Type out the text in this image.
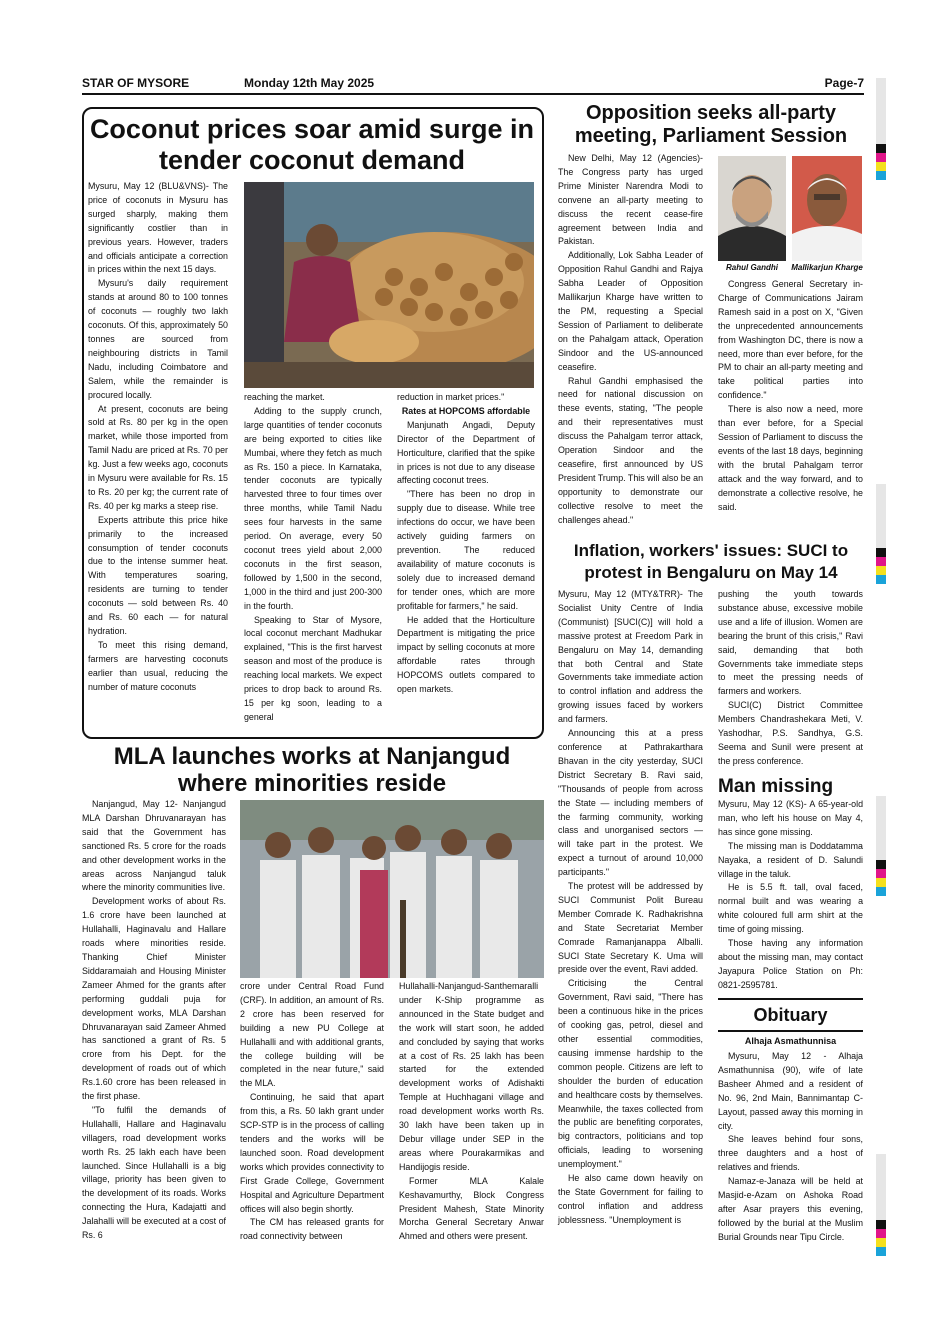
STAR OF MYSORE	Monday 12th May 2025	Page-7
Coconut prices soar amid surge in tender coconut demand

Mysuru, May 12 (BLU&VNS)- The price of coconuts in Mysuru has surged sharply, making them significantly costlier than in previous years. However, traders and officials anticipate a correction in prices within the next 15 days.

Mysuru's daily requirement stands at around 80 to 100 tonnes of coconuts — roughly two lakh coconuts. Of this, approximately 50 tonnes are sourced from neighbouring districts in Tamil Nadu, including Coimbatore and Salem, while the remainder is procured locally.

At present, coconuts are being sold at Rs. 80 per kg in the open market, while those imported from Tamil Nadu are priced at Rs. 70 per kg. Just a few weeks ago, coconuts in Mysuru were available for Rs. 15 to Rs. 20 per kg; the current rate of Rs. 40 per kg marks a steep rise.

Experts attribute this price hike primarily to the increased consumption of tender coconuts due to the intense summer heat. With temperatures soaring, residents are turning to tender coconuts — sold between Rs. 40 and Rs. 60 each — for natural hydration.

To meet this rising demand, farmers are harvesting coconuts earlier than usual, reducing the number of mature coconuts

reaching the market.

Adding to the supply crunch, large quantities of tender coconuts are being exported to cities like Mumbai, where they fetch as much as Rs. 150 a piece. In Karnataka, tender coconuts are typically harvested three to four times over three months, while Tamil Nadu sees four harvests in the same period. On average, every 50 coconut trees yield about 2,000 coconuts in the first season, followed by 1,500 in the second, 1,000 in the third and just 200-300 in the fourth.

Speaking to Star of Mysore, local coconut merchant Madhukar explained, "This is the first harvest season and most of the produce is reaching local markets. We expect prices to drop back to around Rs. 15 per kg soon, leading to a general

reduction in market prices."

Rates at HOPCOMS affordable

Manjunath Angadi, Deputy Director of the Department of Horticulture, clarified that the spike in prices is not due to any disease affecting coconut trees.

"There has been no drop in supply due to disease. While tree infections do occur, we have been actively guiding farmers on prevention. The reduced availability of mature coconuts is solely due to increased demand for tender ones, which are more profitable for farmers," he said.

He added that the Horticulture Department is mitigating the price impact by selling coconuts at more affordable rates through HOPCOMS outlets compared to open markets.

MLA launches works at Nanjangud where minorities reside

Nanjangud, May 12- Nanjangud MLA Darshan Dhruvanarayan has said that the Government has sanctioned Rs. 5 crore for the roads and other development works in the areas across Nanjangud taluk where the minority communities live.

Development works of about Rs. 1.6 crore have been launched at Hullahalli, Haginavalu and Hallare roads where minorities reside. Thanking Chief Minister Siddaramaiah and Housing Minister Zameer Ahmed for the grants after performing guddali puja for development works, MLA Darshan Dhruvanarayan said Zameer Ahmed has sanctioned a grant of Rs. 5 crore from his Dept. for the development of roads out of which Rs.1.60 crore has been released in the first phase.

"To fulfil the demands of Hullahalli, Hallare and Haginavalu villagers, road development works worth Rs. 25 lakh each have been launched. Since Hullahalli is a big village, priority has been given to the development of its roads. Works connecting the Hura, Kadajatti and Jalahalli will be executed at a cost of Rs. 6

crore under Central Road Fund (CRF). In addition, an amount of Rs. 2 crore has been reserved for building a new PU College at Hullahalli and with additional grants, the college building will be completed in the near future," said the MLA.

Continuing, he said that apart from this, a Rs. 50 lakh grant under SCP-STP is in the process of calling tenders and the works will be launched soon. Road development works which provides connectivity to First Grade College, Government Hospital and Agriculture Department offices will also begin shortly.

The CM has released grants for road connectivity between

Hullahalli-Nanjangud-Santhemaralli under K-Ship programme as announced in the State budget and the work will start soon, he added and concluded by saying that works at a cost of Rs. 25 lakh has been started for the extended development works of Adishakti Temple at Huchhagani village and road development works worth Rs. 30 lakh have been taken up in Debur village under SEP in the areas where Pourakarmikas and Handijogis reside.

Former MLA Kalale Keshavamurthy, Block Congress President Mahesh, State Minority Morcha General Secretary Anwar Ahmed and others were present.

Opposition seeks all-party meeting, Parliament Session

New Delhi, May 12 (Agencies)- The Congress party has urged Prime Minister Narendra Modi to convene an all-party meeting to discuss the recent cease-fire agreement between India and Pakistan.

Additionally, Lok Sabha Leader of Opposition Rahul Gandhi and Rajya Sabha Leader of Opposition Mallikarjun Kharge have written to the PM, requesting a Special Session of Parliament to deliberate on the Pahalgam attack, Operation Sindoor and the US-announced ceasefire.

Rahul Gandhi emphasised the need for national discussion on these events, stating, "The people and their representatives must discuss the Pahalgam terror attack, Operation Sindoor and the ceasefire, first announced by US President Trump. This will also be an opportunity to demonstrate our collective resolve to meet the challenges ahead."

Rahul Gandhi	Mallikarjun Kharge

Congress General Secretary in-Charge of Communications Jairam Ramesh said in a post on X, "Given the unprecedented announcements from Washington DC, there is now a need, more than ever before, for the PM to chair an all-party meeting and take political parties into confidence."

There is also now a need, more than ever before, for a Special Session of Parliament to discuss the events of the last 18 days, beginning with the brutal Pahalgam terror attack and the way forward, and to demonstrate a collective resolve, he said.

Inflation, workers' issues: SUCI to protest in Bengaluru on May 14

Mysuru, May 12 (MTY&TRR)- The Socialist Unity Centre of India (Communist) [SUCI(C)] will hold a massive protest at Freedom Park in Bengaluru on May 14, demanding that both Central and State Governments take immediate action to control inflation and address the growing issues faced by workers and farmers.

Announcing this at a press conference at Pathrakarthara Bhavan in the city yesterday, SUCI District Secretary B. Ravi said, "Thousands of people from across the State — including members of the farming community, working class and unorganised sectors — will take part in the protest. We expect a turnout of around 10,000 participants."

The protest will be addressed by SUCI Communist Polit Bureau Member Comrade K. Radhakrishna and State Secretariat Member Comrade Ramanjanappa Alballi. SUCI State Secretary K. Uma will preside over the event, Ravi added.

Criticising the Central Government, Ravi said, "There has been a continuous hike in the prices of cooking gas, petrol, diesel and other essential commodities, causing immense hardship to the common people. Citizens are left to shoulder the burden of education and healthcare costs by themselves. Meanwhile, the taxes collected from the public are benefiting corporates, big contractors, politicians and top officials, leading to worsening unemployment."

He also came down heavily on the State Government for failing to control inflation and address joblessness. "Unemployment is

pushing the youth towards substance abuse, excessive mobile use and a life of illusion. Women are bearing the brunt of this crisis," Ravi said, demanding that both Governments take immediate steps to meet the pressing needs of farmers and workers.

SUCI(C) District Committee Members Chandrashekara Meti, V. Yashodhar, P.S. Sandhya, G.S. Seema and Sunil were present at the press conference.

Man missing

Mysuru, May 12 (KS)- A 65-year-old man, who left his house on May 4, has since gone missing.

The missing man is Doddatamma Nayaka, a resident of D. Salundi village in the taluk.

He is 5.5 ft. tall, oval faced, normal built and was wearing a white coloured full arm shirt at the time of going missing.

Those having any information about the missing man, may contact Jayapura Police Station on Ph: 0821-2595781.

Obituary
Alhaja Asmathunnisa

Mysuru, May 12 - Alhaja Asmathunnisa (90), wife of late Basheer Ahmed and a resident of No. 96, 2nd Main, Bannimantap C-Layout, passed away this morning in city.

She leaves behind four sons, three daughters and a host of relatives and friends.

Namaz-e-Janaza will be held at Masjid-e-Azam on Ashoka Road after Asar prayers this evening, followed by the burial at the Muslim Burial Grounds near Tipu Circle.
